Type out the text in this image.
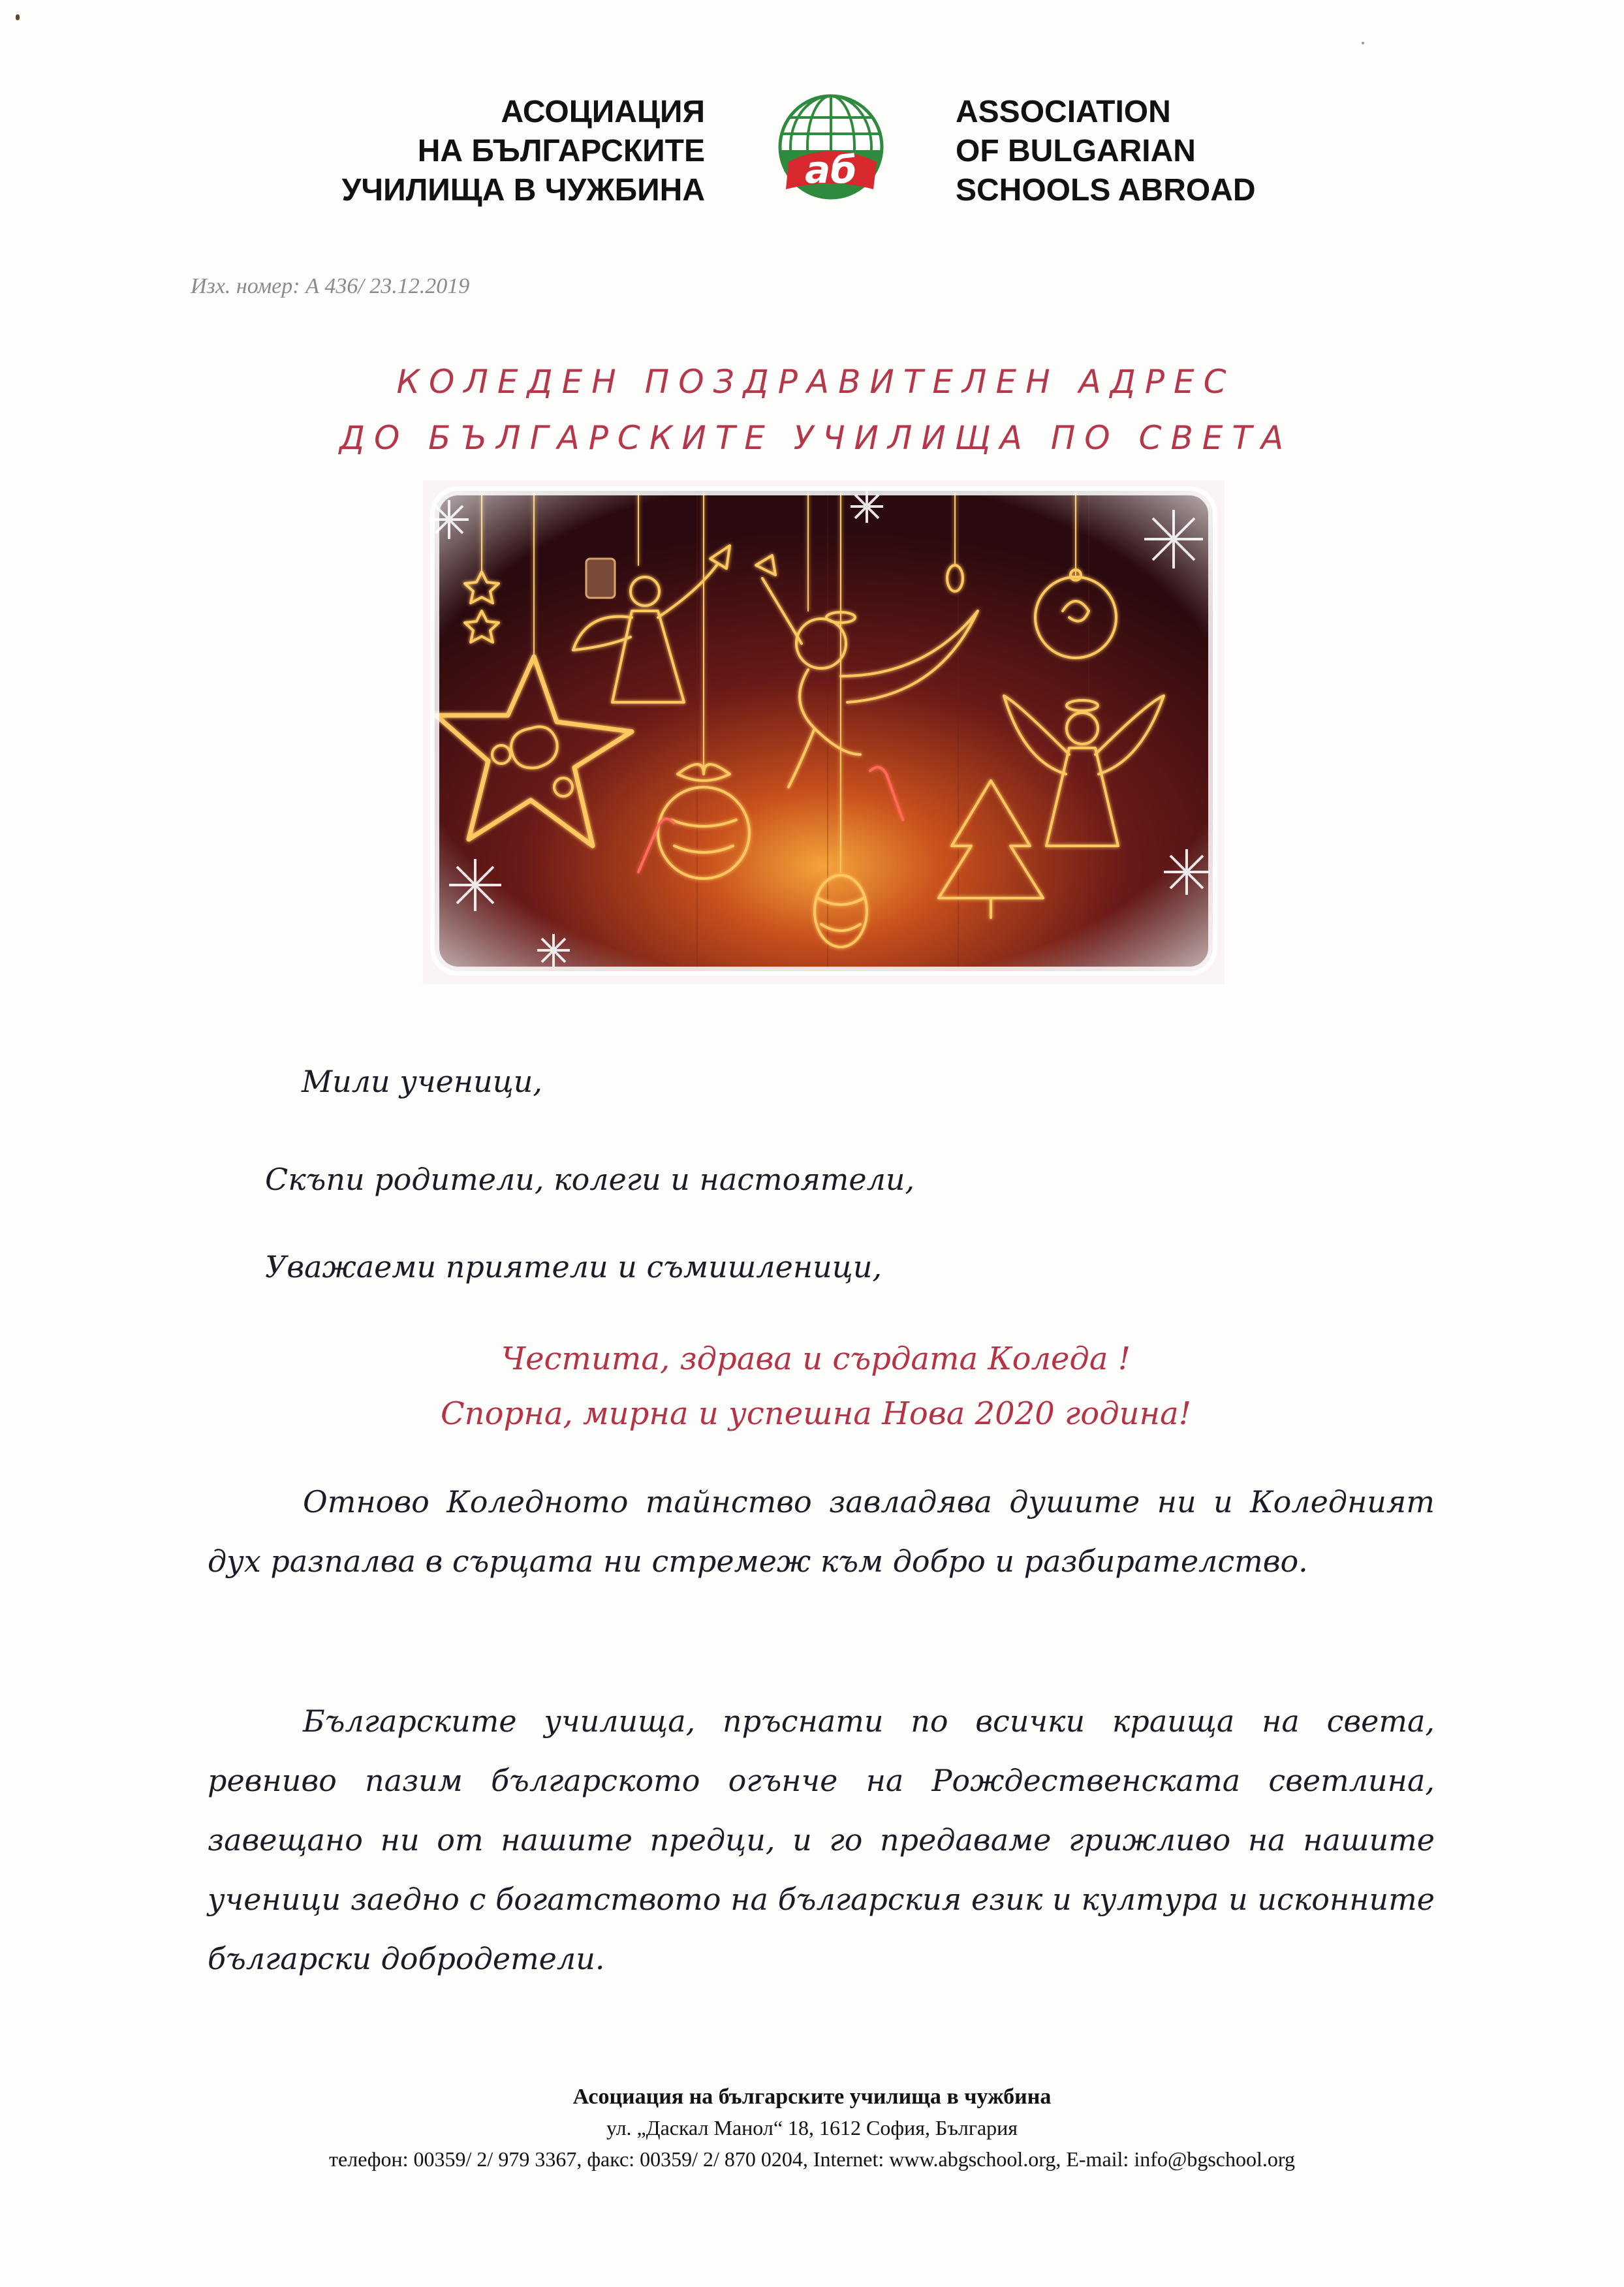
АСОЦИАЦИЯ
НА БЪЛГАРСКИТЕ
УЧИЛИЩА В ЧУЖБИНА	аб
ASSOCIATION
OF BULGARIAN
SCHOOLS ABROAD
Изх. номер: А 436/ 23.12.2019
КОЛЕДЕН ПОЗДРАВИТЕЛЕН АДРЕС
ДО БЪЛГАРСКИТЕ УЧИЛИЩА ПО СВЕТА
Мили ученици,
Скъпи родители, колеги и настоятели,
Уважаеми приятели и съмишленици,
Честита, здрава и сърдата Коледа !
Спорна, мирна и успешна Нова 2020 година!
Отново Коледното тайнство завладява душите ни и Коледният дух разпалва в сърцата ни стремеж към добро и разбирателство.
Българските училища, пръснати по всички краища на света, ревниво пазим българското огънче на Рождественската светлина, завещано ни от нашите предци, и го предаваме грижливо на нашите ученици заедно с богатството на българския език и култура и исконните български добродетели.
Асоциация на българските училища в чужбина
ул. „Даскал Манол“ 18, 1612 София, България
телефон: 00359/ 2/ 979 3367, факс: 00359/ 2/ 870 0204, Internet: www.abgschool.org, E-mail: info@bgschool.org
